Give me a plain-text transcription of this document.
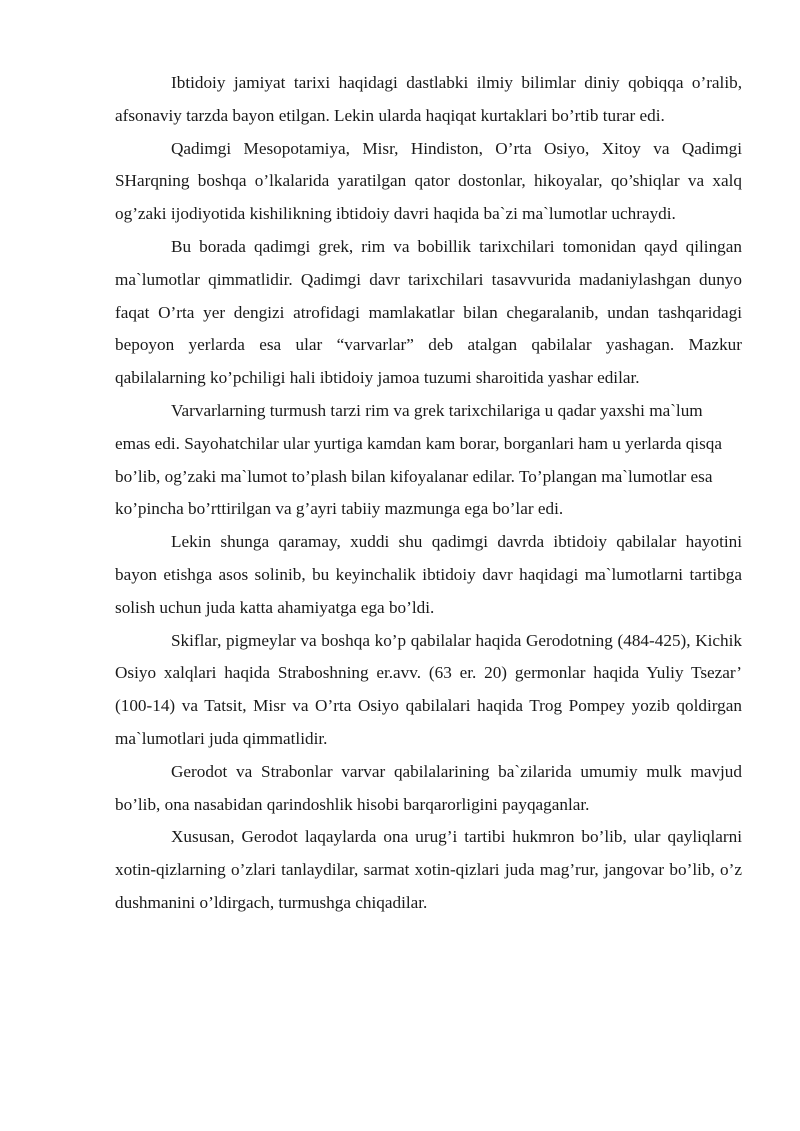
Ibtidoiy jamiyat tarixi haqidagi dastlabki ilmiy bilimlar diniy qobiqqa o’ralib, afsonaviy tarzda bayon etilgan. Lekin ularda haqiqat kurtaklari bo’rtib turar edi.

Qadimgi Mesopotamiya, Misr, Hindiston, O’rta Osiyo, Xitoy va Qadimgi SHarqning boshqa o’lkalarida yaratilgan qator dostonlar, hikoyalar, qo’shiqlar va xalq og’zaki ijodiyotida kishilikning ibtidoiy davri haqida ba`zi ma`lumotlar uchraydi.

Bu borada qadimgi grek, rim va bobillik tarixchilari tomonidan qayd qilingan ma`lumotlar qimmatlidir. Qadimgi davr tarixchilari tasavvurida madaniylashgan dunyo faqat O’rta yer dengizi atrofidagi mamlakatlar bilan chegaralanib, undan tashqaridagi bepoyon yerlarda esa ular “varvarlar” deb atalgan qabilalar yashagan. Mazkur qabilalarning ko’pchiligi hali ibtidoiy jamoa tuzumi sharoitida yashar edilar.

Varvarlarning turmush tarzi rim va grek tarixchilariga u qadar yaxshi ma`lum emas edi. Sayohatchilar ular yurtiga kamdan kam borar, borganlari ham u yerlarda qisqa bo’lib, og’zaki ma`lumot to’plash bilan kifoyalanar edilar. To’plangan ma`lumotlar esa ko’pincha bo’rttirilgan va g’ayri tabiiy mazmunga ega bo’lar edi.

Lekin shunga qaramay, xuddi shu qadimgi davrda ibtidoiy qabilalar hayotini bayon etishga asos solinib, bu keyinchalik ibtidoiy davr haqidagi ma`lumotlarni tartibga solish uchun juda katta ahamiyatga ega bo’ldi.

Skiflar, pigmeylar va boshqa ko’p qabilalar haqida Gerodotning (484-425), Kichik Osiyo xalqlari haqida Straboshning er.avv. (63 er. 20) germonlar haqida Yuliy Tsezar’ (100-14) va Tatsit, Misr va O’rta Osiyo qabilalari haqida Trog Pompey yozib qoldirgan ma`lumotlari juda qimmatlidir.

Gerodot va Strabonlar varvar qabilalarining ba`zilarida umumiy mulk mavjud bo’lib, ona nasabidan qarindoshlik hisobi barqarorligini payqaganlar.

Xususan, Gerodot laqaylarda ona urug’i tartibi hukmron bo’lib, ular qayliqlarni xotin-qizlarning o’zlari tanlaydilar, sarmat xotin-qizlari juda mag’rur, jangovar bo’lib, o’z dushmanini o’ldirgach, turmushga chiqadilar.
